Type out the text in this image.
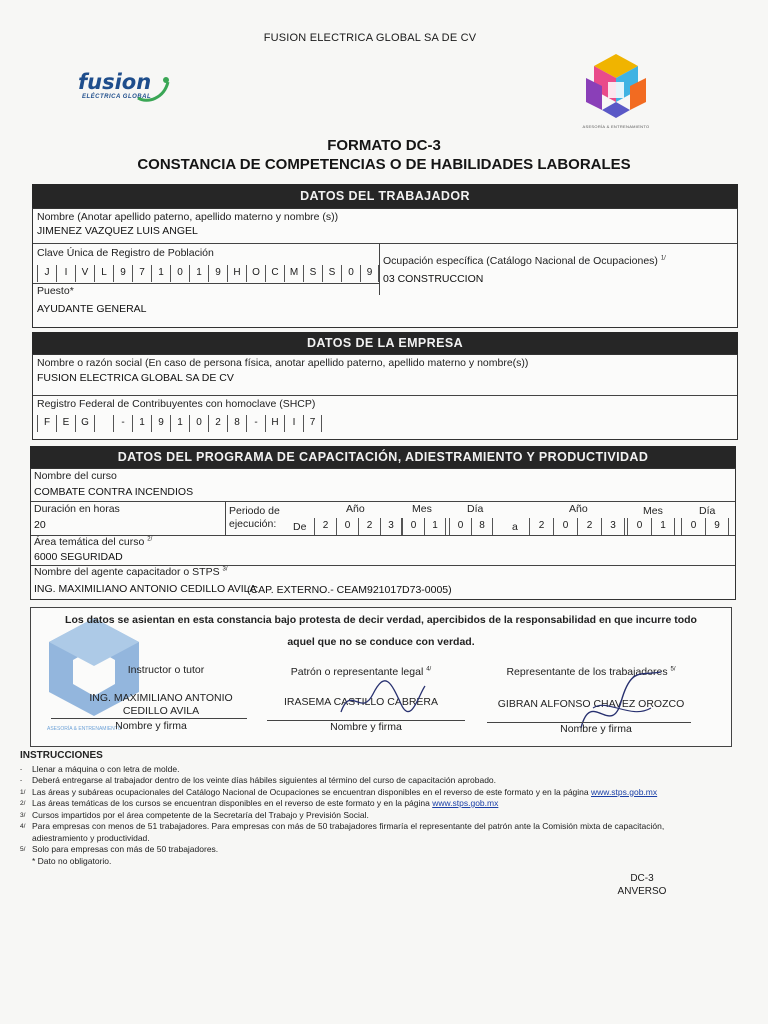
FUSION ELECTRICA GLOBAL SA DE CV
fusion
ELÉCTRICA GLOBAL
ASESORÍA & ENTRENAMIENTO
FORMATO DC-3
CONSTANCIA DE COMPETENCIAS O DE HABILIDADES LABORALES
DATOS DEL TRABAJADOR
Nombre (Anotar apellido paterno, apellido materno y nombre (s))
JIMENEZ VAZQUEZ LUIS ANGEL
Clave Única de Registro de Población
J	I	V	L	9	7	1	0	1	9	H	O	C	M	S	S	0	9
Ocupación específica (Catálogo Nacional de Ocupaciones) $^{1/}$
03 CONSTRUCCION
Puesto*
AYUDANTE GENERAL
DATOS DE LA EMPRESA
Nombre o razón social (En caso de persona física, anotar apellido paterno, apellido materno y nombre(s))
FUSION ELECTRICA GLOBAL SA DE CV
Registro Federal de Contribuyentes con homoclave (SHCP)
F	E	G	-	1	9	1	0	2	8	-	H	I	7
DATOS DEL PROGRAMA DE CAPACITACIÓN, ADIESTRAMIENTO Y PRODUCTIVIDAD
Nombre del curso
COMBATE CONTRA INCENDIOS
Duración en horas
20
Periodo de
ejecución: De
Año	Mes	Día
2	0	2	3	0	1	0	8	a
Año	Mes	Día
2	0	2	3	0	1	0	9
Área temática del curso $^{2/}$
6000 SEGURIDAD
Nombre del agente capacitador o STPS $^{3/}$
ING. MAXIMILIANO ANTONIO CEDILLO AVILA
(CAP. EXTERNO.- CEAM921017D73-0005)
ASESORÍA & ENTRENAMIENTO
Los datos se asientan en esta constancia bajo protesta de decir verdad, apercibidos de la responsabilidad en que incurre todo
aquel que no se conduce con verdad.
Instructor o tutor
ING. MAXIMILIANO ANTONIO
CEDILLO AVILA
Nombre y firma
Patrón o representante legal $^{4/}$
IRASEMA CASTILLO CABRERA
Nombre y firma
Representante de los trabajadores $^{5/}$
GIBRAN ALFONSO CHAVEZ OROZCO
Nombre y firma
INSTRUCCIONES
- Llenar a máquina o con letra de molde.
- Deberá entregarse al trabajador dentro de los veinte días hábiles siguientes al término del curso de capacitación aprobado.
1/ Las áreas y subáreas ocupacionales del Catálogo Nacional de Ocupaciones se encuentran disponibles en el reverso de este formato y en la página www.stps.gob.mx
2/ Las áreas temáticas de los cursos se encuentran disponibles en el reverso de este formato y en la página www.stps.gob.mx
3/ Cursos impartidos por el área competente de la Secretaría del Trabajo y Previsión Social.
4/ Para empresas con menos de 51 trabajadores. Para empresas con más de 50 trabajadores firmaría el representante del patrón ante la Comisión mixta de capacitación,
adiestramiento y productividad.
5/ Solo para empresas con más de 50 trabajadores.
* Dato no obligatorio.
DC-3
ANVERSO
